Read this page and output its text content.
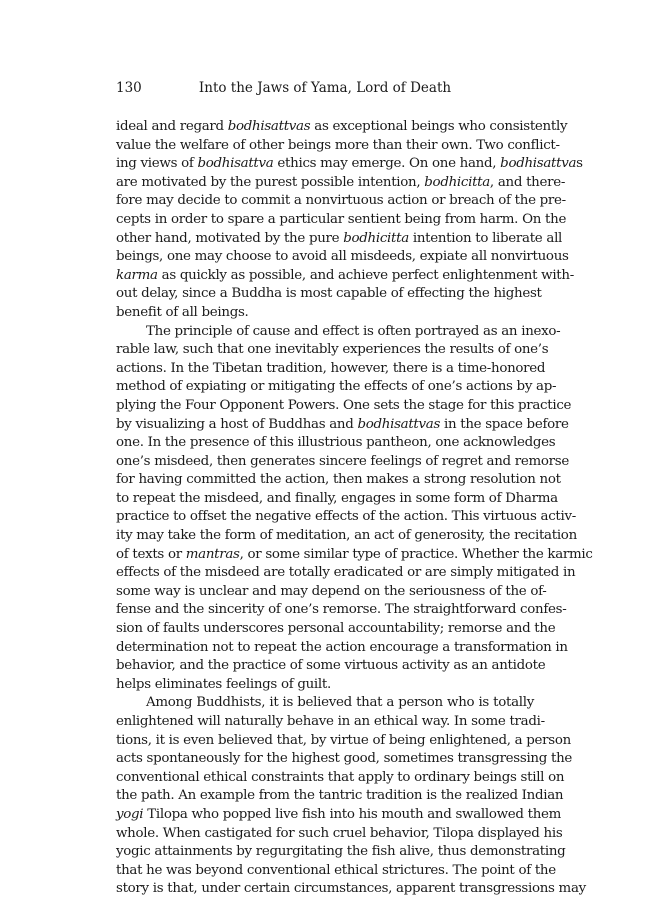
130	Into the Jaws of Yama, Lord of Death
ideal and regard bodhisattvas as exceptional beings who consistently
value the welfare of other beings more than their own. Two conflict-
ing views of bodhisattva ethics may emerge. On one hand, bodhisattvas
are motivated by the purest possible intention, bodhicitta, and there-
fore may decide to commit a nonvirtuous action or breach of the pre-
cepts in order to spare a particular sentient being from harm. On the
other hand, motivated by the pure bodhicitta intention to liberate all
beings, one may choose to avoid all misdeeds, expiate all nonvirtuous
karma as quickly as possible, and achieve perfect enlightenment with-
out delay, since a Buddha is most capable of effecting the highest
benefit of all beings.
The principle of cause and effect is often portrayed as an inexo-
rable law, such that one inevitably experiences the results of one’s
actions. In the Tibetan tradition, however, there is a time-honored
method of expiating or mitigating the effects of one’s actions by ap-
plying the Four Opponent Powers. One sets the stage for this practice
by visualizing a host of Buddhas and bodhisattvas in the space before
one. In the presence of this illustrious pantheon, one acknowledges
one’s misdeed, then generates sincere feelings of regret and remorse
for having committed the action, then makes a strong resolution not
to repeat the misdeed, and finally, engages in some form of Dharma
practice to offset the negative effects of the action. This virtuous activ-
ity may take the form of meditation, an act of generosity, the recitation
of texts or mantras, or some similar type of practice. Whether the karmic
effects of the misdeed are totally eradicated or are simply mitigated in
some way is unclear and may depend on the seriousness of the of-
fense and the sincerity of one’s remorse. The straightforward confes-
sion of faults underscores personal accountability; remorse and the
determination not to repeat the action encourage a transformation in
behavior, and the practice of some virtuous activity as an antidote
helps eliminates feelings of guilt.
Among Buddhists, it is believed that a person who is totally
enlightened will naturally behave in an ethical way. In some tradi-
tions, it is even believed that, by virtue of being enlightened, a person
acts spontaneously for the highest good, sometimes transgressing the
conventional ethical constraints that apply to ordinary beings still on
the path. An example from the tantric tradition is the realized Indian
yogi Tilopa who popped live fish into his mouth and swallowed them
whole. When castigated for such cruel behavior, Tilopa displayed his
yogic attainments by regurgitating the fish alive, thus demonstrating
that he was beyond conventional ethical strictures. The point of the
story is that, under certain circumstances, apparent transgressions may
